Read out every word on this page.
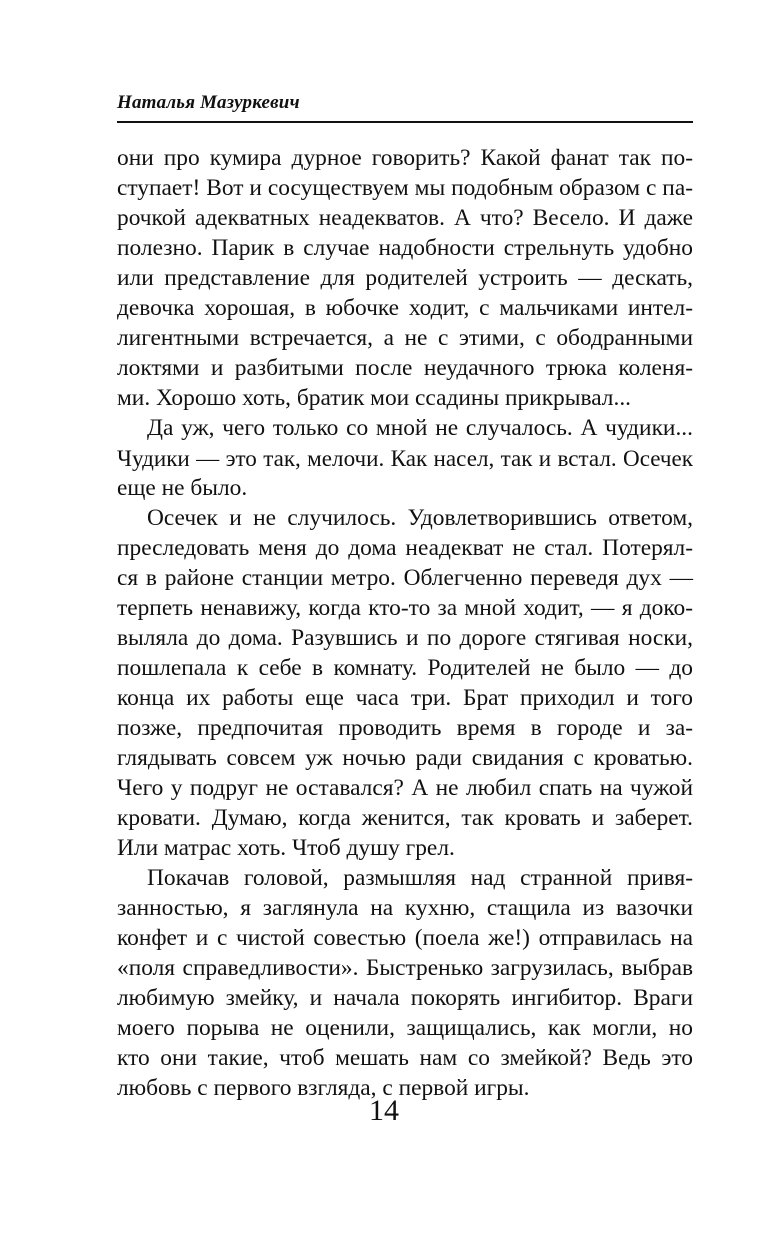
Наталья Мазуркевич
они про кумира дурное говорить? Какой фанат так по-
ступает! Вот и сосуществуем мы подобным образом с па-
рочкой адекватных неадекватов. А что? Весело. И даже
полезно. Парик в случае надобности стрельнуть удобно
или представление для родителей устроить — дескать,
девочка хорошая, в юбочке ходит, с мальчиками интел-
лигентными встречается, а не с этими, с ободранными
локтями и разбитыми после неудачного трюка коленя-
ми. Хорошо хоть, братик мои ссадины прикрывал...
Да уж, чего только со мной не случалось. А чудики...
Чудики — это так, мелочи. Как насел, так и встал. Осечек
еще не было.
Осечек и не случилось. Удовлетворившись ответом,
преследовать меня до дома неадекват не стал. Потерял-
ся в районе станции метро. Облегченно переведя дух —
терпеть ненавижу, когда кто-то за мной ходит, — я доко-
выляла до дома. Разувшись и по дороге стягивая носки,
пошлепала к себе в комнату. Родителей не было — до
конца их работы еще часа три. Брат приходил и того
позже, предпочитая проводить время в городе и за-
глядывать совсем уж ночью ради свидания с кроватью.
Чего у подруг не оставался? А не любил спать на чужой
кровати. Думаю, когда женится, так кровать и заберет.
Или матрас хоть. Чтоб душу грел.
Покачав головой, размышляя над странной привя-
занностью, я заглянула на кухню, стащила из вазочки
конфет и с чистой совестью (поела же!) отправилась на
«поля справедливости». Быстренько загрузилась, выбрав
любимую змейку, и начала покорять ингибитор. Враги
моего порыва не оценили, защищались, как могли, но
кто они такие, чтоб мешать нам со змейкой? Ведь это
любовь с первого взгляда, с первой игры.
14
